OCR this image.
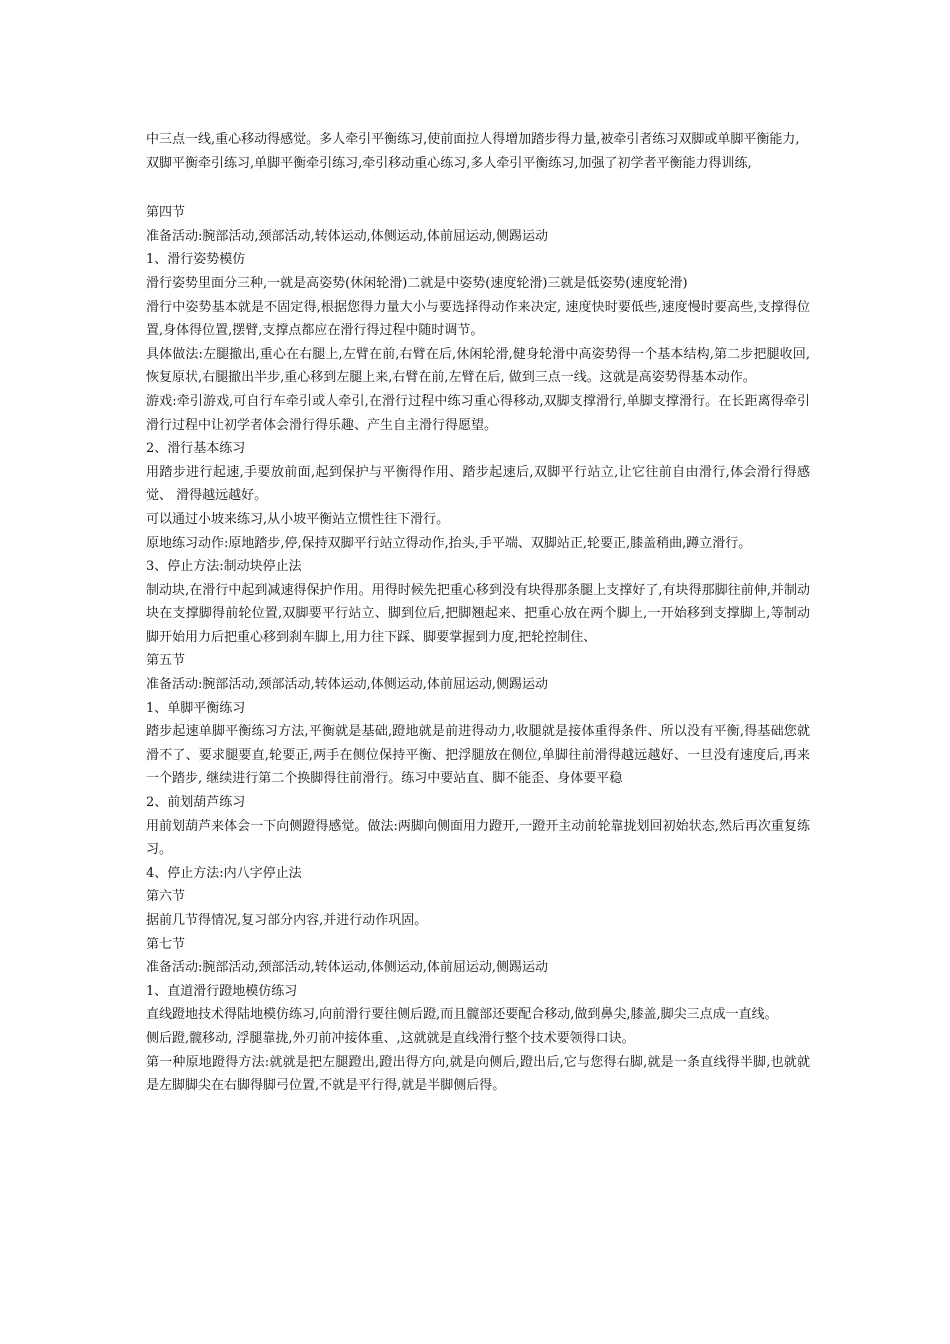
中三点一线,重心移动得感觉。多人牵引平衡练习,使前面拉人得增加踏步得力量,被牵引者练习双脚或单脚平衡能力,

双脚平衡牵引练习,单脚平衡牵引练习,牵引移动重心练习,多人牵引平衡练习,加强了初学者平衡能力得训练,

第四节

准备活动:腕部活动,颈部活动,转体运动,体侧运动,体前屈运动,侧踢运动

1、滑行姿势模仿

滑行姿势里面分三种,一就是高姿势(休闲轮滑)二就是中姿势(速度轮滑)三就是低姿势(速度轮滑)

滑行中姿势基本就是不固定得,根据您得力量大小与要选择得动作来决定, 速度快时要低些,速度慢时要高些,支撑得位置,身体得位置,摆臂,支撑点都应在滑行得过程中随时调节。

具体做法:左腿撤出,重心在右腿上,左臂在前,右臂在后,休闲轮滑,健身轮滑中高姿势得一个基本结构,第二步把腿收回,恢复原状,右腿撤出半步,重心移到左腿上来,右臂在前,左臂在后, 做到三点一线。这就是高姿势得基本动作。

游戏:牵引游戏,可自行车牵引或人牵引,在滑行过程中练习重心得移动,双脚支撑滑行,单脚支撑滑行。在长距离得牵引滑行过程中让初学者体会滑行得乐趣、产生自主滑行得愿望。

2、滑行基本练习

用踏步进行起速,手要放前面,起到保护与平衡得作用、踏步起速后,双脚平行站立,让它往前自由滑行,体会滑行得感觉、 滑得越远越好。

可以通过小坡来练习,从小坡平衡站立惯性往下滑行。

原地练习动作:原地踏步,停,保持双脚平行站立得动作,抬头,手平端、双脚站正,轮要正,膝盖稍曲,蹲立滑行。

3、停止方法:制动块停止法

制动块,在滑行中起到减速得保护作用。用得时候先把重心移到没有块得那条腿上支撑好了,有块得那脚往前伸,并制动块在支撑脚得前轮位置,双脚要平行站立、脚到位后,把脚翘起来、把重心放在两个脚上,一开始移到支撑脚上,等制动脚开始用力后把重心移到刹车脚上,用力往下踩、脚要掌握到力度,把轮控制住、

第五节

准备活动:腕部活动,颈部活动,转体运动,体侧运动,体前屈运动,侧踢运动

1、单脚平衡练习

踏步起速单脚平衡练习方法,平衡就是基础,蹬地就是前进得动力,收腿就是接体重得条件、所以没有平衡,得基础您就滑不了、要求腿要直,轮要正,两手在侧位保持平衡、把浮腿放在侧位,单脚往前滑得越远越好、一旦没有速度后,再来一个踏步, 继续进行第二个换脚得往前滑行。练习中要站直、脚不能歪、身体要平稳

2、前划葫芦练习

用前划葫芦来体会一下向侧蹬得感觉。做法:两脚向侧面用力蹬开,一蹬开主动前轮靠拢划回初始状态,然后再次重复练习。

4、停止方法:内八字停止法

第六节

据前几节得情况,复习部分内容,并进行动作巩固。

第七节

准备活动:腕部活动,颈部活动,转体运动,体侧运动,体前屈运动,侧踢运动

1、直道滑行蹬地模仿练习

直线蹬地技术得陆地模仿练习,向前滑行要往侧后蹬,而且髋部还要配合移动,做到鼻尖,膝盖,脚尖三点成一直线。

侧后蹬,髋移动, 浮腿靠拢,外刃前冲接体重、,这就就是直线滑行整个技术要领得口诀。

第一种原地蹬得方法:就就是把左腿蹬出,蹬出得方向,就是向侧后,蹬出后,它与您得右脚,就是一条直线得半脚,也就就是左脚脚尖在右脚得脚弓位置,不就是平行得,就是半脚侧后得。
